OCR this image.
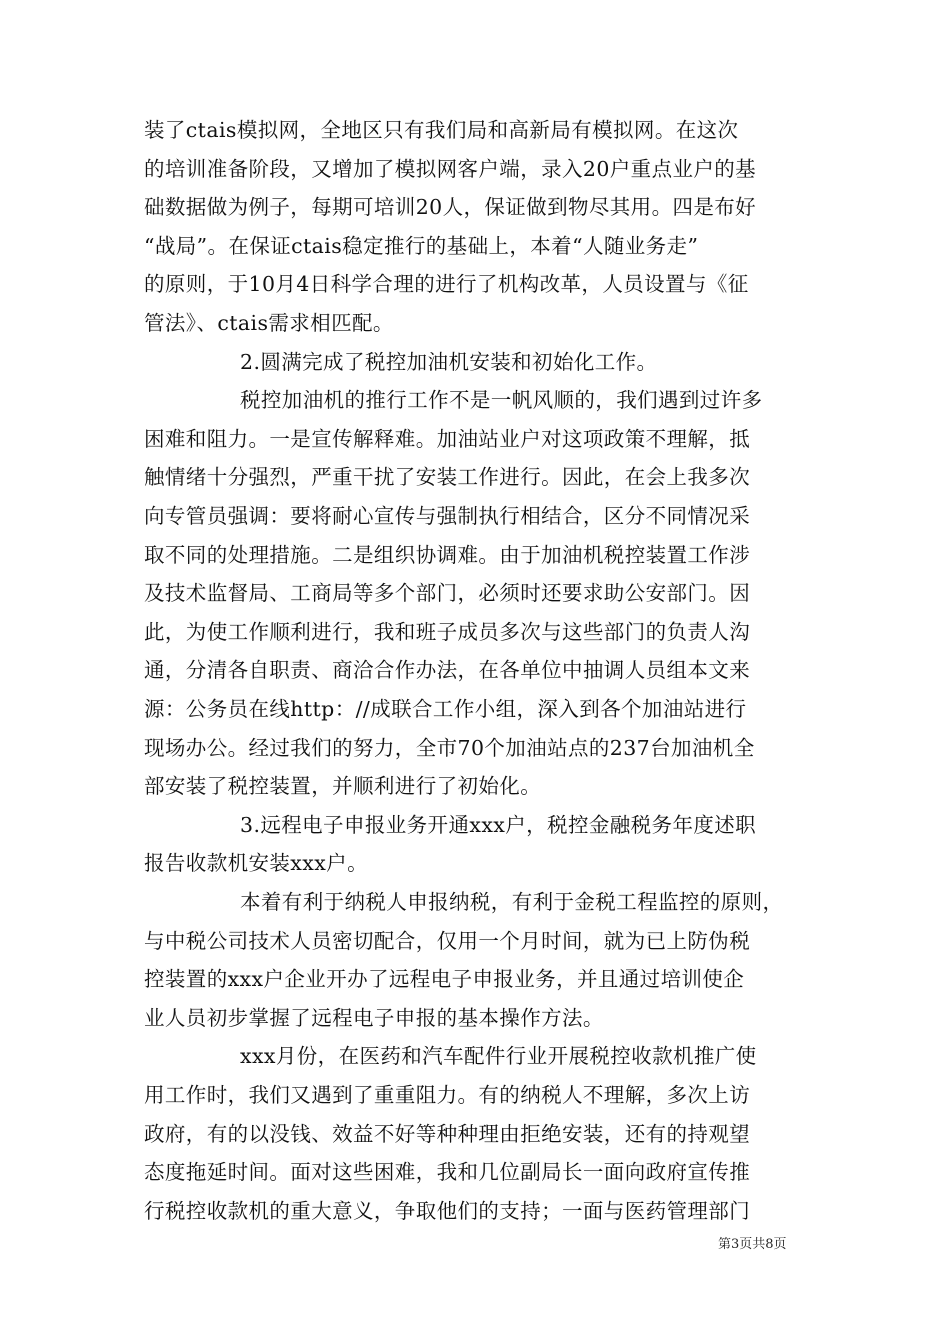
装了ctais模拟网，全地区只有我们局和高新局有模拟网。在这次
的培训准备阶段，又增加了模拟网客户端，录入20户重点业户的基
础数据做为例子，每期可培训20人，保证做到物尽其用。四是布好
“战局”。在保证ctais稳定推行的基础上，本着“人随业务走”
的原则，于10月4日科学合理的进行了机构改革，人员设置与《征
管法》、ctais需求相匹配。
2.圆满完成了税控加油机安装和初始化工作。
税控加油机的推行工作不是一帆风顺的，我们遇到过许多
困难和阻力。一是宣传解释难。加油站业户对这项政策不理解，抵
触情绪十分强烈，严重干扰了安装工作进行。因此，在会上我多次
向专管员强调：要将耐心宣传与强制执行相结合，区分不同情况采
取不同的处理措施。二是组织协调难。由于加油机税控装置工作涉
及技术监督局、工商局等多个部门，必须时还要求助公安部门。因
此，为使工作顺利进行，我和班子成员多次与这些部门的负责人沟
通，分清各自职责、商洽合作办法，在各单位中抽调人员组本文来
源：公务员在线http：//成联合工作小组，深入到各个加油站进行
现场办公。经过我们的努力，全市70个加油站点的237台加油机全
部安装了税控装置，并顺利进行了初始化。
3.远程电子申报业务开通xxx户，税控金融税务年度述职
报告收款机安装xxx户。
本着有利于纳税人申报纳税，有利于金税工程监控的原则，
与中税公司技术人员密切配合，仅用一个月时间，就为已上防伪税
控装置的xxx户企业开办了远程电子申报业务，并且通过培训使企
业人员初步掌握了远程电子申报的基本操作方法。
xxx月份，在医药和汽车配件行业开展税控收款机推广使
用工作时，我们又遇到了重重阻力。有的纳税人不理解，多次上访
政府，有的以没钱、效益不好等种种理由拒绝安装，还有的持观望
态度拖延时间。面对这些困难，我和几位副局长一面向政府宣传推
行税控收款机的重大意义，争取他们的支持；一面与医药管理部门
第3页共8页
